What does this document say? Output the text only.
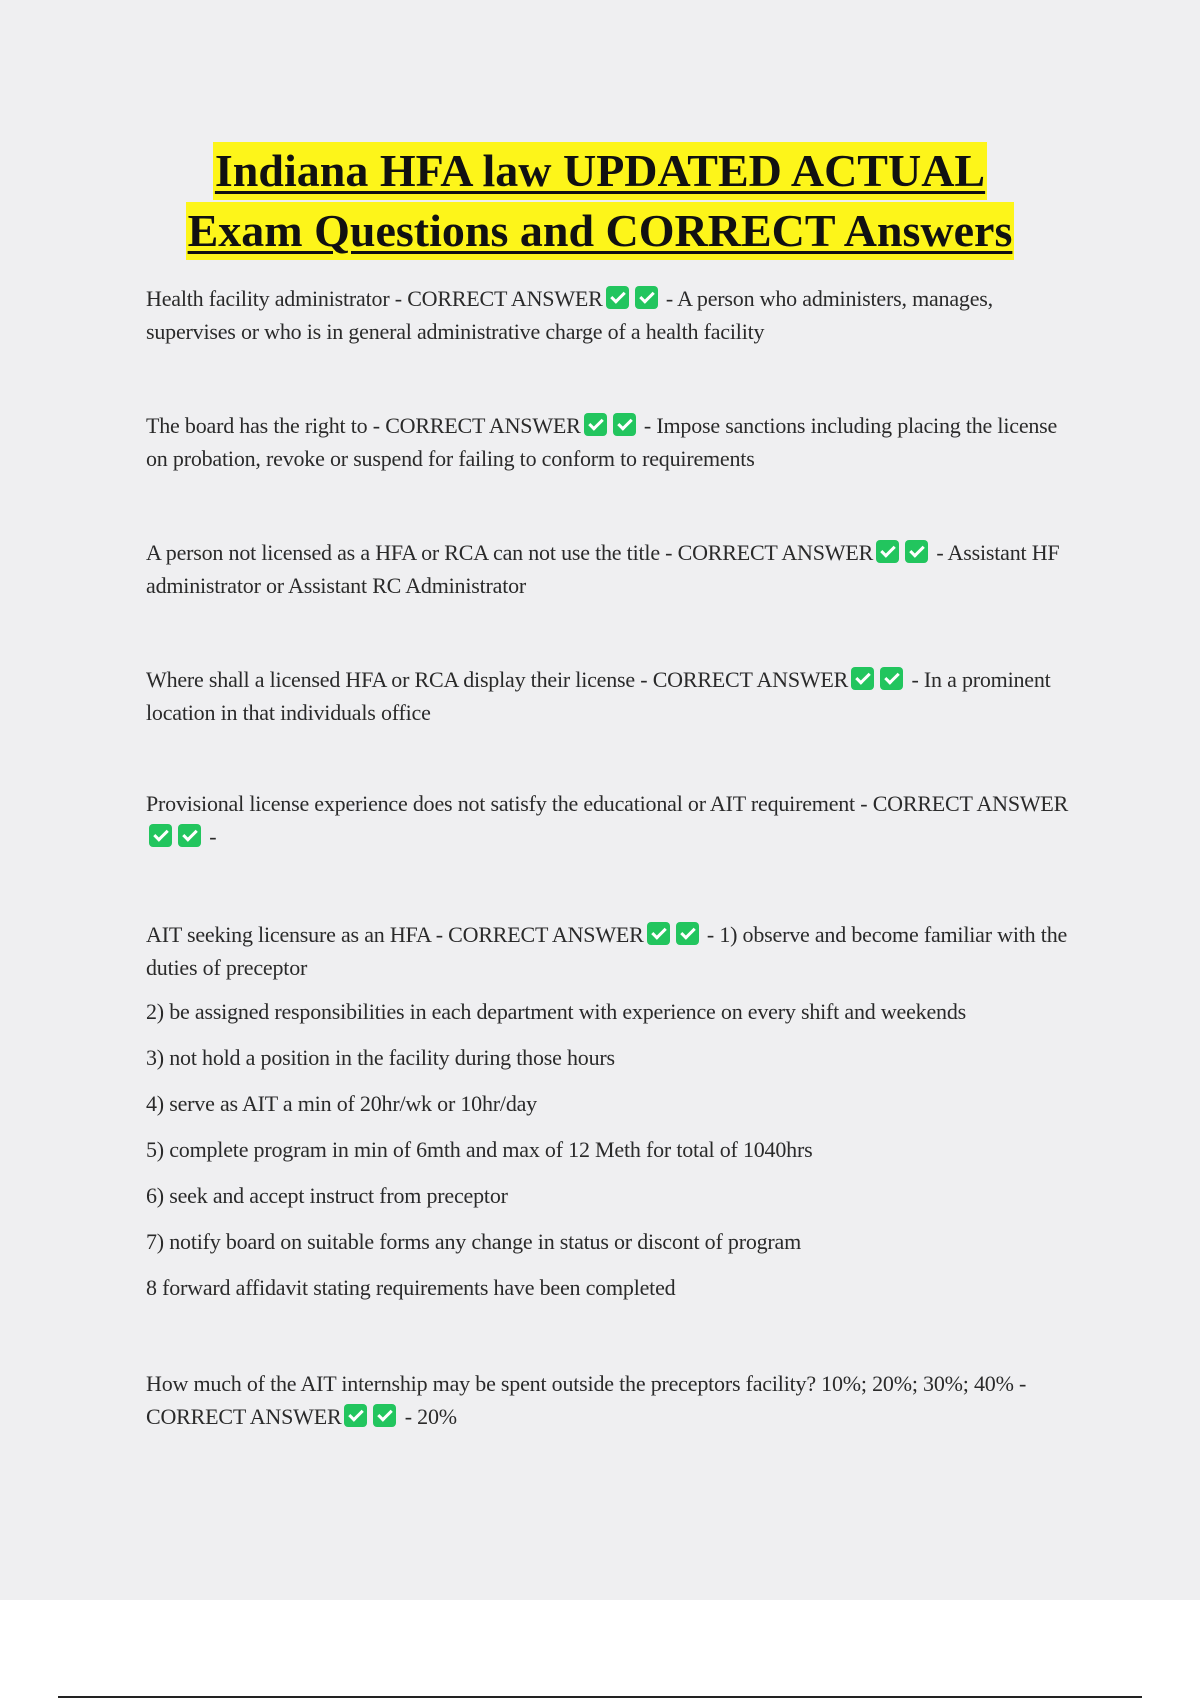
Indiana HFA law UPDATED ACTUAL
Exam Questions and CORRECT Answers

Health facility administrator - CORRECT ANSWER	- A person who administers, manages, supervises or who is in general administrative charge of a health facility

The board has the right to - CORRECT ANSWER	- Impose sanctions including placing the license on probation, revoke or suspend for failing to conform to requirements

A person not licensed as a HFA or RCA can not use the title - CORRECT ANSWER	- Assistant HF administrator or Assistant RC Administrator

Where shall a licensed HFA or RCA display their license - CORRECT ANSWER	- In a prominent location in that individuals office

Provisional license experience does not satisfy the educational or AIT requirement - CORRECT ANSWER -

AIT seeking licensure as an HFA - CORRECT ANSWER	- 1) observe and become familiar with the duties of preceptor

2) be assigned responsibilities in each department with experience on every shift and weekends
3) not hold a position in the facility during those hours
4) serve as AIT a min of 20hr/wk or 10hr/day
5) complete program in min of 6mth and max of 12 Meth for total of 1040hrs
6) seek and accept instruct from preceptor
7) notify board on suitable forms any change in status or discont of program
8 forward affidavit stating requirements have been completed

How much of the AIT internship may be spent outside the preceptors facility? 10%; 20%; 30%; 40% - CORRECT ANSWER	- 20%
